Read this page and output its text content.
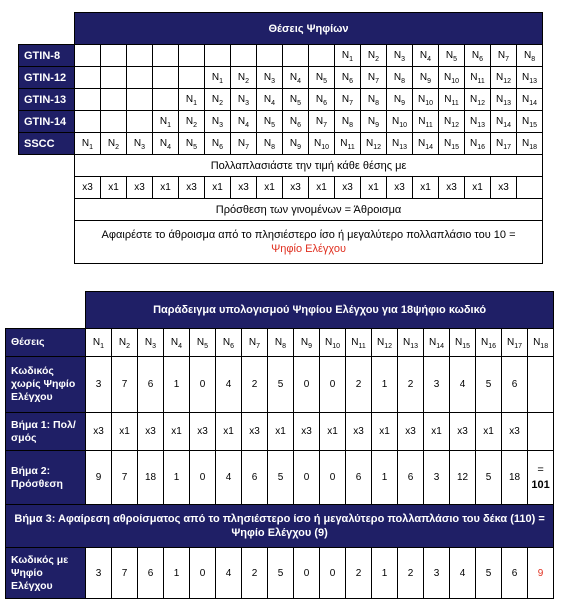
	Θέσεις Ψηφίων																	
GTIN-8											$N_1$	$N_2$	$N_3$	$N_4$	$N_5$	$N_6$	$N_7$	$N_8$
GTIN-12						$N_1$	$N_2$	$N_3$	$N_4$	$N_5$	$N_6$	$N_7$	$N_8$	$N_9$	$N_{10}$	$N_{11}$	$N_{12}$	$N_{13}$
GTIN-13					$N_1$	$N_2$	$N_3$	$N_4$	$N_5$	$N_6$	$N_7$	$N_8$	$N_9$	$N_{10}$	$N_{11}$	$N_{12}$	$N_{13}$	$N_{14}$
GTIN-14				$N_1$	$N_2$	$N_3$	$N_4$	$N_5$	$N_6$	$N_7$	$N_8$	$N_9$	$N_{10}$	$N_{11}$	$N_{12}$	$N_{13}$	$N_{14}$	$N_{15}$
SSCC	$N_1$	$N_2$	$N_3$	$N_4$	$N_5$	$N_6$	$N_7$	$N_8$	$N_9$	$N_{10}$	$N_{11}$	$N_{12}$	$N_{13}$	$N_{14}$	$N_{15}$	$N_{16}$	$N_{17}$	$N_{18}$
	Πολλαπλασιάστε την τιμή κάθε θέσης με																	
	x3	x1	x3	x1	x3	x1	x3	x1	x3	x1	x3	x1	x3	x1	x3	x1	x3	
	Πρόσθεση των γινομένων = Άθροισμα																	
	Αφαιρέστε το άθροισμα από το πλησιέστερο ίσο ή μεγαλύτερο πολλαπλάσιο του 10 =
Ψηφίο Ελέγχου																	
	Παράδειγμα υπολογισμού Ψηφίου Ελέγχου για 18ψήφιο κωδικό																	
Θέσεις	$N_1$	$N_2$	$N_3$	$N_4$	$N_5$	$N_6$	$N_7$	$N_8$	$N_9$	$N_{10}$	$N_{11}$	$N_{12}$	$N_{13}$	$N_{14}$	$N_{15}$	$N_{16}$	$N_{17}$	$N_{18}$
Κωδικός χωρίς Ψηφίο Ελέγχου	3	7	6	1	0	4	2	5	0	0	2	1	2	3	4	5	6	
Βήμα 1: Πολ/σμός	x3	x1	x3	x1	x3	x1	x3	x1	x3	x1	x3	x1	x3	x1	x3	x1	x3	
Βήμα 2: Πρόσθεση	9	7	18	1	0	4	6	5	0	0	6	1	6	3	12	5	18	=
101
Βήμα 3: Αφαίρεση αθροίσματος από το πλησιέστερο ίσο ή μεγαλύτερο πολλαπλάσιο του δέκα (110) = Ψηφίο Ελέγχου (9)																		
Κωδικός με Ψηφίο Ελέγχου	3	7	6	1	0	4	2	5	0	0	2	1	2	3	4	5	6	9
